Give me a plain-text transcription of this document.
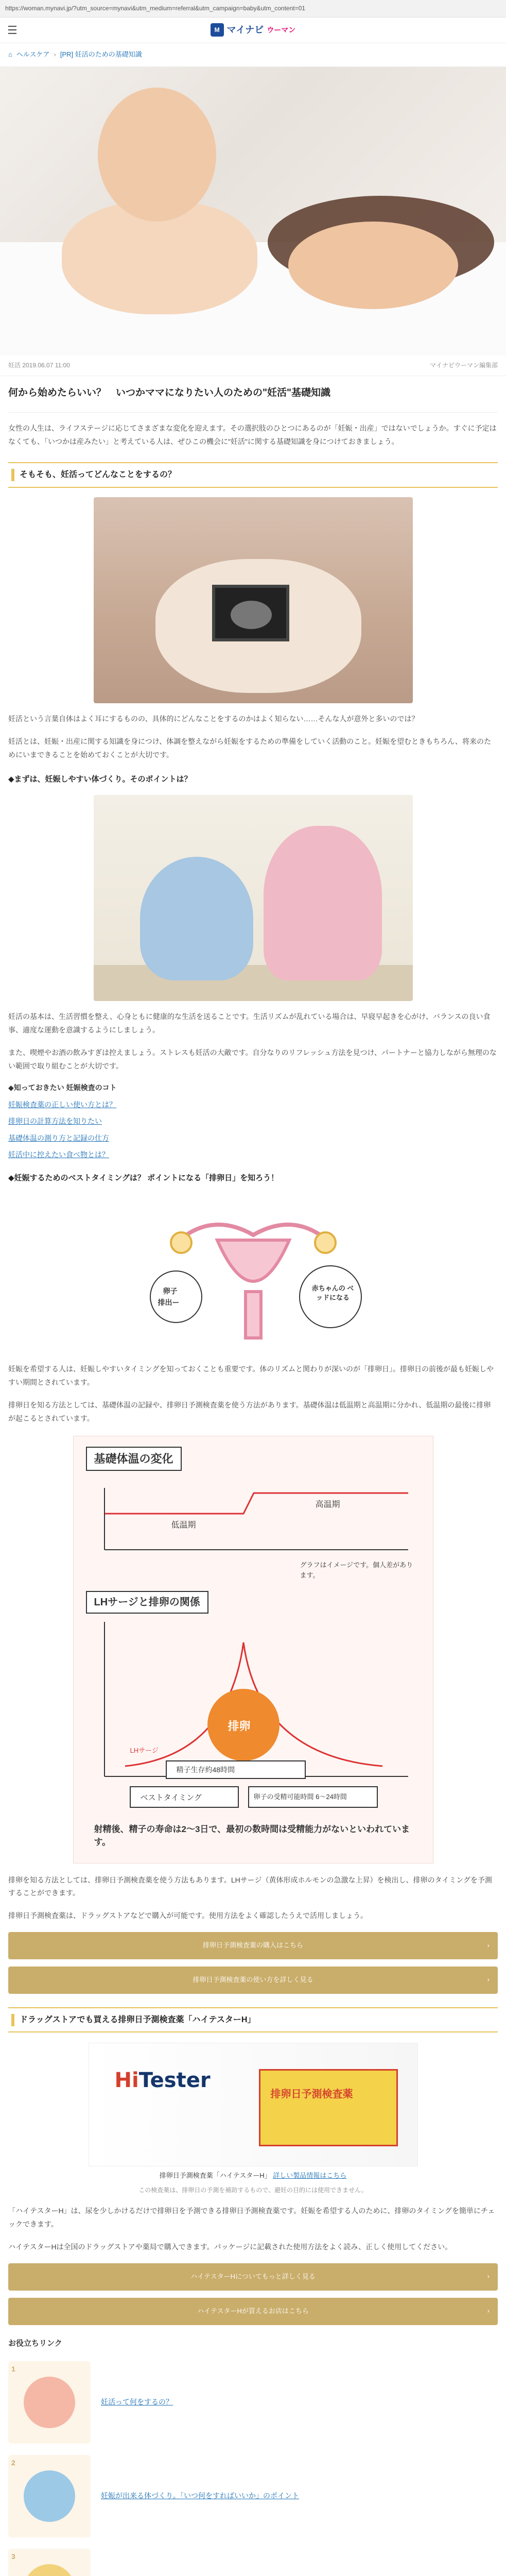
https://woman.mynavi.jp/?utm_source=mynavi&utm_medium=referral&utm_campaign=baby&utm_content=01
☰	M マイナビ ウーマン
⌂ ヘルスケア › [PR] 妊活のための基礎知識
妊活 2019.06.07 11:00	マイナビウーマン編集部
何から始めたらいい？　いつかママになりたい人のための"妊活"基礎知識

女性の人生は、ライフステージに応じてさまざまな変化を迎えます。その選択肢のひとつにあるのが「妊娠・出産」ではないでしょうか。すぐに予定はなくても、「いつかは産みたい」と考えている人は、ぜひこの機会に"妊活"に関する基礎知識を身につけておきましょう。

そもそも、妊活ってどんなことをするの？

妊活という言葉自体はよく耳にするものの、具体的にどんなことをするのかはよく知らない……そんな人が意外と多いのでは？

妊活とは、妊娠・出産に関する知識を身につけ、体調を整えながら妊娠をするための準備をしていく活動のこと。妊娠を望むときもちろん、将来のためにいまできることを始めておくことが大切です。

◆まずは、妊娠しやすい体づくり。そのポイントは？

妊活の基本は、生活習慣を整え、心身ともに健康的な生活を送ることです。生活リズムが乱れている場合は、早寝早起きを心がけ、バランスの良い食事、適度な運動を意識するようにしましょう。

また、喫煙やお酒の飲みすぎは控えましょう。ストレスも妊活の大敵です。自分なりのリフレッシュ方法を見つけ、パートナーと協力しながら無理のない範囲で取り組むことが大切です。

◆知っておきたい 妊娠検査のコト
妊娠検査薬の正しい使い方とは？
排卵日の計算方法を知りたい
基礎体温の測り方と記録の仕方
妊活中に控えたい食べ物とは？
◆妊娠するためのベストタイミングは？ ポイントになる「排卵日」を知ろう！
卵子
排出ー
赤ちゃんの ベッドになる

妊娠を希望する人は、妊娠しやすいタイミングを知っておくことも重要です。体のリズムと関わりが深いのが「排卵日」。排卵日の前後が最も妊娠しやすい期間とされています。

排卵日を知る方法としては、基礎体温の記録や、排卵日予測検査薬を使う方法があります。基礎体温は低温期と高温期に分かれ、低温期の最後に排卵が起こるとされています。

基礎体温の変化
低温期
高温期
グラフはイメージです。個人差があります。
LHサージと排卵の関係
LHサージ
排卵
精子生存約48時間
ベストタイミング	卵子の受精可能時間 6〜24時間
射精後、精子の寿命は2〜3日で、最初の数時間は受精能力がないといわれています。

排卵を知る方法としては、排卵日予測検査薬を使う方法もあります。LHサージ（黄体形成ホルモンの急激な上昇）を検出し、排卵のタイミングを予測することができます。

排卵日予測検査薬は、ドラッグストアなどで購入が可能です。使用方法をよく確認したうえで活用しましょう。

排卵日予測検査薬の購入はこちら	›
排卵日予測検査薬の使い方を詳しく見る	›
ドラッグストアでも買える排卵日予測検査薬「ハイテスターH」
HiTester
排卵日予測検査薬
排卵日予測検査薬「ハイテスターH」 詳しい製品情報はこちら
この検査薬は、排卵日の予測を補助するもので、避妊の目的には使用できません。

「ハイテスターH」は、尿を少しかけるだけで排卵日を予測できる排卵日予測検査薬です。妊娠を希望する人のために、排卵のタイミングを簡単にチェックできます。

ハイテスターHは全国のドラッグストアや薬局で購入できます。パッケージに記載された使用方法をよく読み、正しく使用してください。

ハイテスターHについてもっと詳しく見る	›
ハイテスターHが買えるお店はこちら	›
お役立ちリンク
1
妊活って何をするの？
2
妊娠が出来る体づくり。「いつ何をすればいいか」のポイント
3
